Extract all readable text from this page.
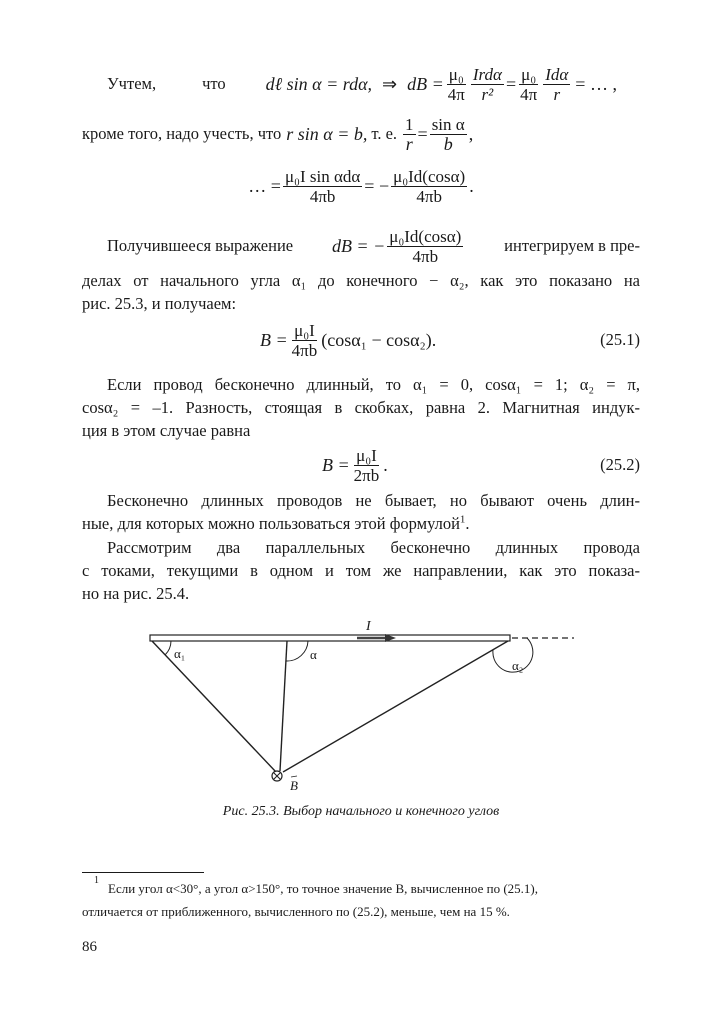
Учтем,	что dℓ sin α = rdα, ⇒ dB = $\frac{\text{μ₀}}{4\pi}$ Irdα
$r^2 = \frac{\text{μ₀}}{4\pi}$ Idα
r = … ,
кроме того, надо учесть, что r sin α = b, т. е. $\frac{1}{r} = \frac{\text{sin α}}{b}$ ,
… = μ₀I sin αdα
4πb = − $\frac{\text{μ₀Id(cosα)}}{4\pi b}$ .
Получившееся выражение dB = − $\frac{\text{μ₀Id(cosα)}}{4\pi b}$ интегрируем в пре-
делах от начального угла α₁ до конечного − α₂, как это показано на
рис. 25.3, и получаем:
$B = \frac{\text{μ₀I}}{4\pi b} (\cos\alpha_1 - \cos\alpha_2)$.	(25.1)
Если провод бесконечно длинный, то α₁ = 0, cosα₁ = 1; α₂ = π,
cosα₂ = –1. Разность, стоящая в скобках, равна 2. Магнитная индук-
ция в этом случае равна
$B = \frac{\text{μ₀I}}{2\pi b}$ .	(25.2)
Бесконечно длинных проводов не бывает, но бывают очень длин-
ные, для которых можно пользоваться этой формулой$^1$.
Рассмотрим два параллельных бесконечно длинных провода
с токами, текущими в одном и том же направлении, как это показа-
но на рис. 25.4.
I
α₁	α
α₂
B
Рис. 25.3. Выбор начального и конечного углов
1
Если угол α<30°, а угол α>150°, то точное значение B, вычисленное по (25.1),
отличается от приближенного, вычисленного по (25.2), меньше, чем на 15 %.
86
